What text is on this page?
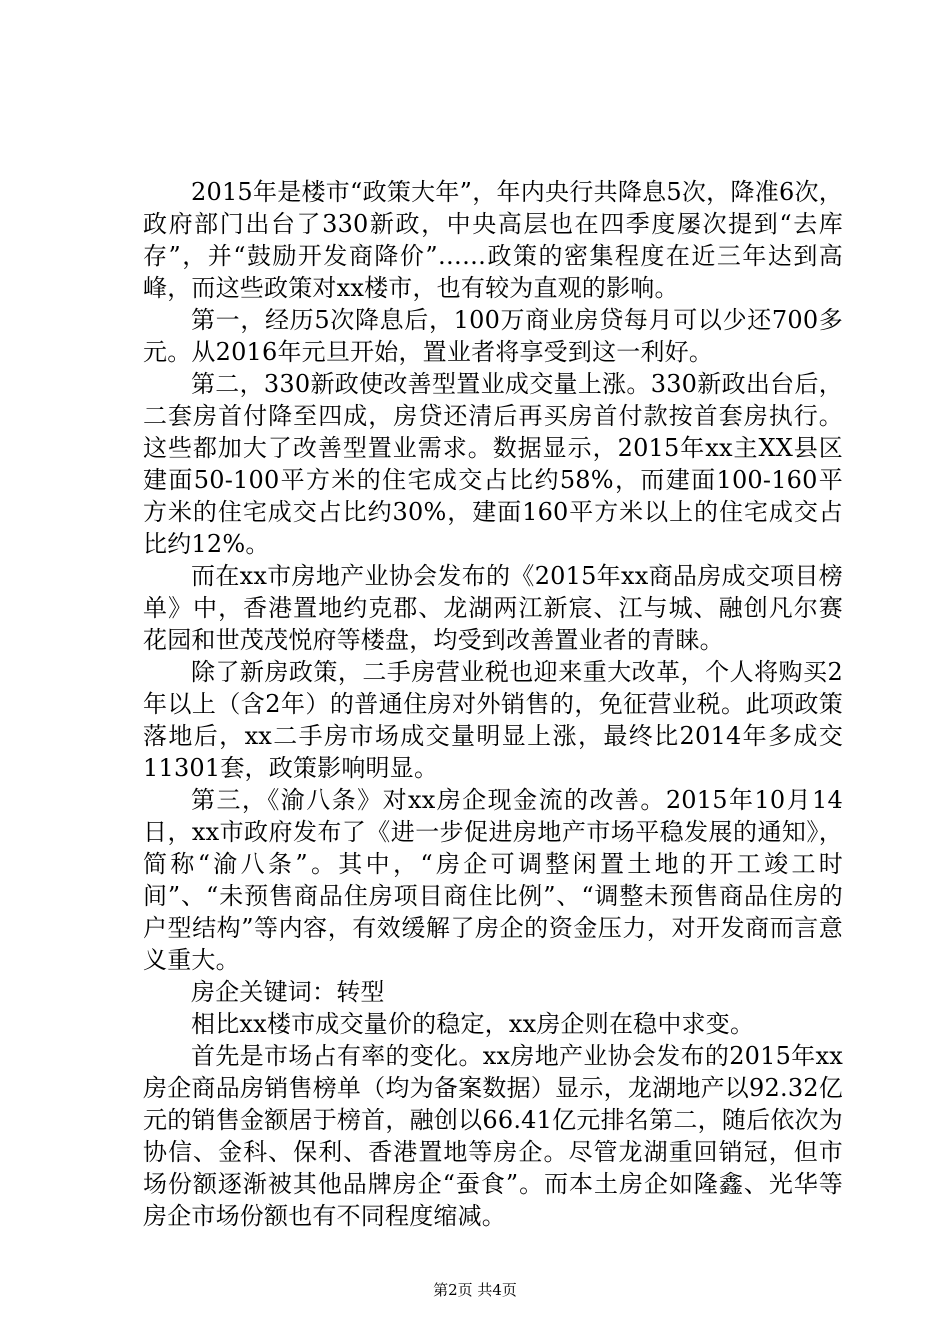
2015年是楼市“政策大年”，年内央行共降息5次，降准6次，政府部门出台了330新政，中央高层也在四季度屡次提到“去库存”，并“鼓励开发商降价”……政策的密集程度在近三年达到高峰，而这些政策对xx楼市，也有较为直观的影响。

第一，经历5次降息后，100万商业房贷每月可以少还700多元。从2016年元旦开始，置业者将享受到这一利好。

第二，330新政使改善型置业成交量上涨。330新政出台后，二套房首付降至四成，房贷还清后再买房首付款按首套房执行。这些都加大了改善型置业需求。数据显示，2015年xx主XX县区建面50-100平方米的住宅成交占比约58%，而建面100-160平方米的住宅成交占比约30%，建面160平方米以上的住宅成交占比约12%。

而在xx市房地产业协会发布的《2015年xx商品房成交项目榜单》中，香港置地约克郡、龙湖两江新宸、江与城、融创凡尔赛花园和世茂茂悦府等楼盘，均受到改善置业者的青睐。

除了新房政策，二手房营业税也迎来重大改革，个人将购买2年以上（含2年）的普通住房对外销售的，免征营业税。此项政策落地后，xx二手房市场成交量明显上涨，最终比2014年多成交11301套，政策影响明显。

第三，《渝八条》对xx房企现金流的改善。2015年10月14日，xx市政府发布了《进一步促进房地产市场平稳发展的通知》，简称“渝八条”。其中，“房企可调整闲置土地的开工竣工时间”、“未预售商品住房项目商住比例”、“调整未预售商品住房的户型结构”等内容，有效缓解了房企的资金压力，对开发商而言意义重大。

房企关键词：转型

相比xx楼市成交量价的稳定，xx房企则在稳中求变。

首先是市场占有率的变化。xx房地产业协会发布的2015年xx房企商品房销售榜单（均为备案数据）显示，龙湖地产以92.32亿元的销售金额居于榜首，融创以66.41亿元排名第二，随后依次为协信、金科、保利、香港置地等房企。尽管龙湖重回销冠，但市场份额逐渐被其他品牌房企“蚕食”。而本土房企如隆鑫、光华等房企市场份额也有不同程度缩减。

第2页 共4页
